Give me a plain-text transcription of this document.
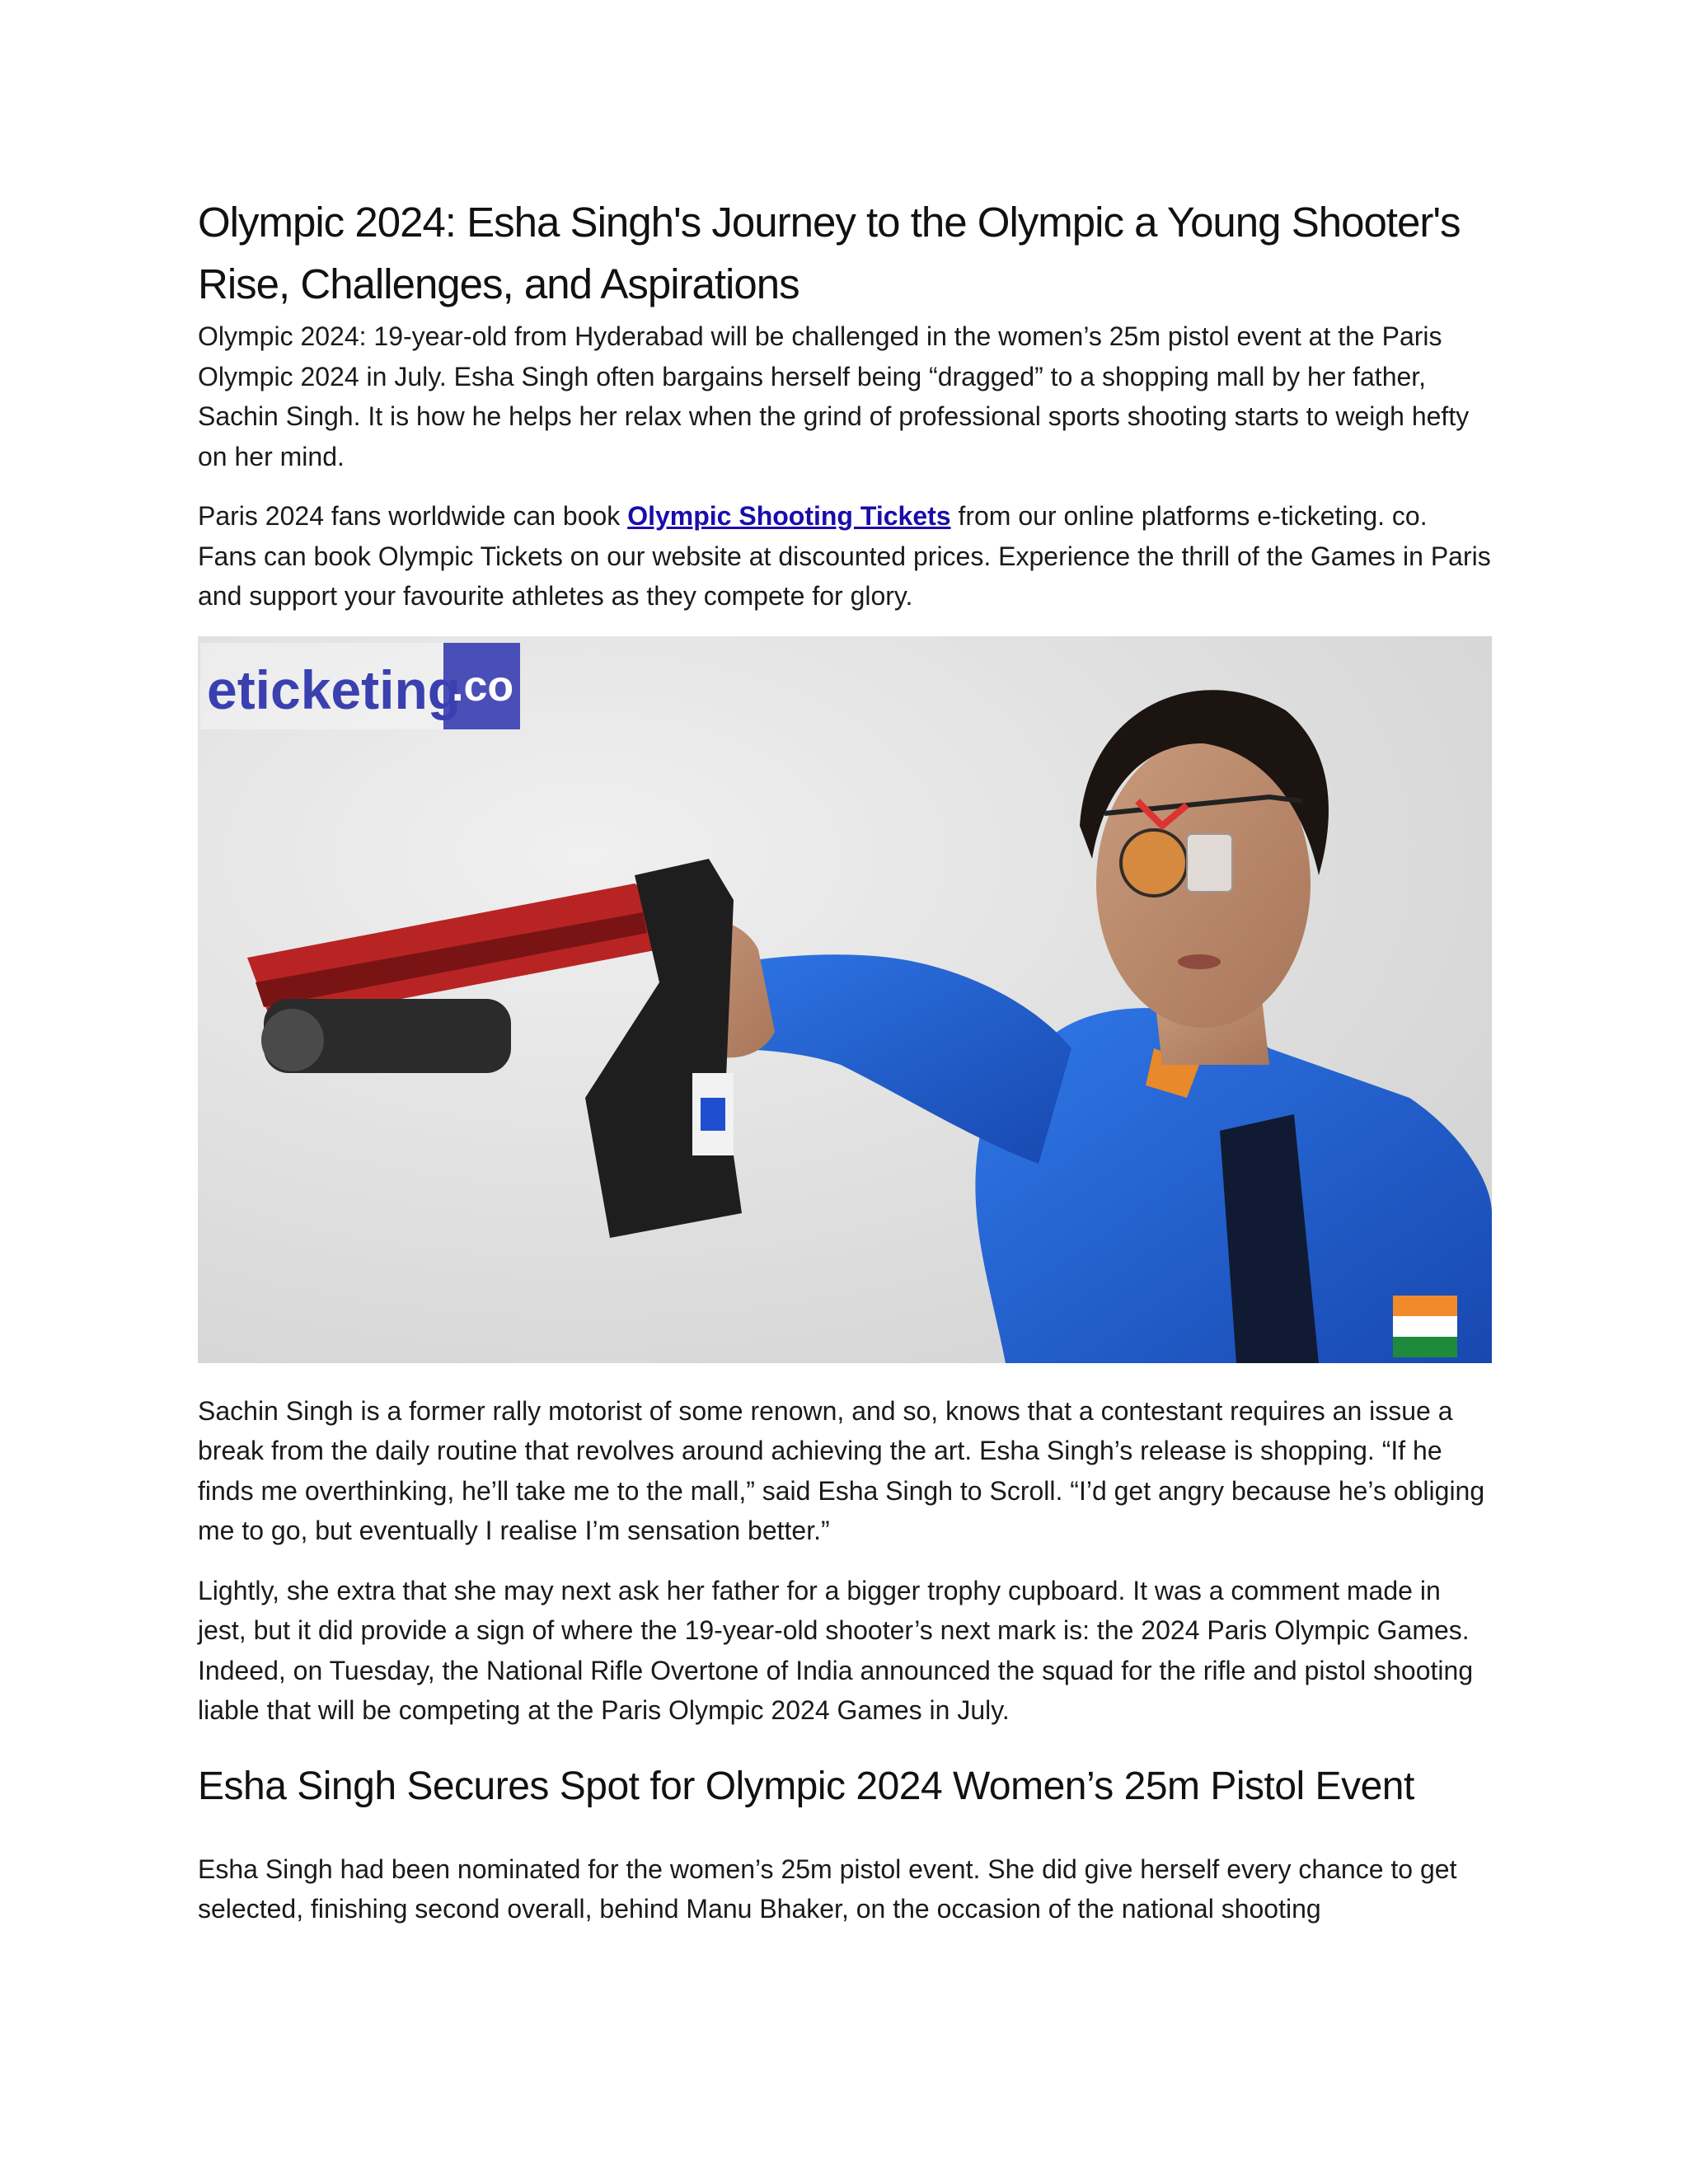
Olympic 2024: Esha Singh's Journey to the Olympic a Young Shooter's Rise, Challenges, and Aspirations

Olympic 2024: 19-year-old from Hyderabad will be challenged in the women’s 25m pistol event at the Paris Olympic 2024 in July. Esha Singh often bargains herself being “dragged” to a shopping mall by her father, Sachin Singh. It is how he helps her relax when the grind of professional sports shooting starts to weigh hefty on her mind.

Paris 2024 fans worldwide can book Olympic Shooting Tickets from our online platforms e-ticketing. co. Fans can book Olympic Tickets on our website at discounted prices. Experience the thrill of the Games in Paris and support your favourite athletes as they compete for glory.

eticketing
.co

Sachin Singh is a former rally motorist of some renown, and so, knows that a contestant requires an issue a break from the daily routine that revolves around achieving the art. Esha Singh’s release is shopping. “If he finds me overthinking, he’ll take me to the mall,” said Esha Singh to Scroll. “I’d get angry because he’s obliging me to go, but eventually I realise I’m sensation better.”

Lightly, she extra that she may next ask her father for a bigger trophy cupboard. It was a comment made in jest, but it did provide a sign of where the 19-year-old shooter’s next mark is: the 2024 Paris Olympic Games. Indeed, on Tuesday, the National Rifle Overtone of India announced the squad for the rifle and pistol shooting liable that will be competing at the Paris Olympic 2024 Games in July.

Esha Singh Secures Spot for Olympic 2024 Women’s 25m Pistol Event

Esha Singh had been nominated for the women’s 25m pistol event. She did give herself every chance to get selected, finishing second overall, behind Manu Bhaker, on the occasion of the national shooting
